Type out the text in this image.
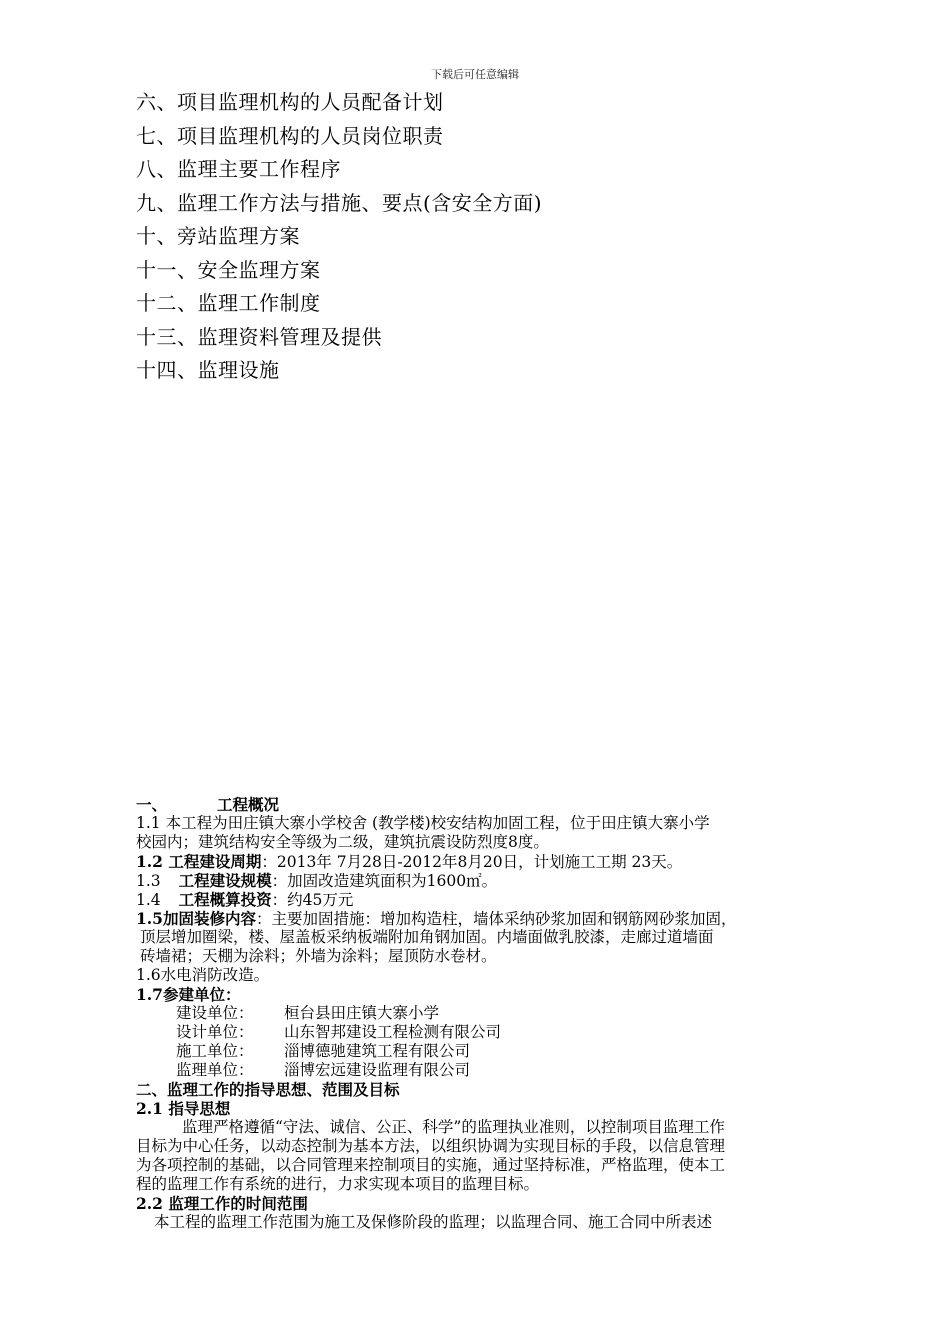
下载后可任意编辑
六、项目监理机构的人员配备计划
七、项目监理机构的人员岗位职责
八、监理主要工作程序
九、监理工作方法与措施、要点(含安全方面)
十、旁站监理方案
十一、安全监理方案
十二、监理工作制度
十三、监理资料管理及提供
十四、监理设施
一、	工程概况
1.1 本工程为田庄镇大寨小学校舍 (教学楼)校安结构加固工程，位于田庄镇大寨小学
校园内；建筑结构安全等级为二级，建筑抗震设防烈度8度。
1.2 工程建设周期：2013年 7月28日-2012年8月20日，计划施工工期 23天。
1.3 工程建设规模：加固改造建筑面积为1600㎡。
1.4 工程概算投资：约45万元
1.5加固装修内容：主要加固措施：增加构造柱，墙体采纳砂浆加固和钢筋网砂浆加固，
顶层增加圈梁，楼、屋盖板采纳板端附加角钢加固。内墙面做乳胶漆，走廊过道墙面
砖墙裙；天棚为涂料；外墙为涂料；屋顶防水卷材。
1.6水电消防改造。
1.7参建单位：
建设单位： 桓台县田庄镇大寨小学
设计单位： 山东智邦建设工程检测有限公司
施工单位： 淄博德驰建筑工程有限公司
监理单位： 淄博宏远建设监理有限公司
二、监理工作的指导思想、范围及目标
2.1 指导思想
监理严格遵循“守法、诚信、公正、科学”的监理执业准则，以控制项目监理工作
目标为中心任务，以动态控制为基本方法，以组织协调为实现目标的手段，以信息管理
为各项控制的基础，以合同管理来控制项目的实施，通过坚持标准，严格监理，使本工
程的监理工作有系统的进行，力求实现本项目的监理目标。
2.2 监理工作的时间范围
本工程的监理工作范围为施工及保修阶段的监理；以监理合同、施工合同中所表述
